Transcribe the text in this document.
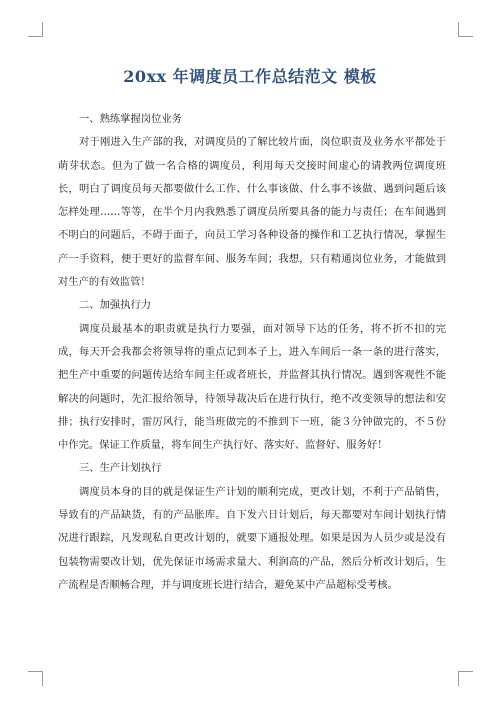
20xx 年调度员工作总结范文 模板

一、熟练掌握岗位业务

对于刚进入生产部的我，对调度员的了解比较片面，岗位职责及业务水平都处于萌芽状态。但为了做一名合格的调度员，利用每天交接时间虚心的请教两位调度班长，明白了调度员每天都要做什么工作、什么事该做、什么事不该做、遇到问题后该怎样处理……等等，在半个月内我熟悉了调度员所要具备的能力与责任；在车间遇到不明白的问题后，不碍于面子，向员工学习各种设备的操作和工艺执行情况，掌握生产一手资料，便于更好的监督车间、服务车间；我想，只有精通岗位业务，才能做到对生产的有效监管！

二、加强执行力

调度员最基本的职责就是执行力要强，面对领导下达的任务，将不折不扣的完成，每天开会我都会将领导将的重点记到本子上，进入车间后一条一条的进行落实，把生产中重要的问题传达给车间主任或者班长，并监督其执行情况。遇到客观性不能解决的问题时，先汇报给领导，待领导裁决后在进行执行，绝不改变领导的想法和安排；执行安排时，雷厉风行，能当班做完的不推到下一班，能３分钟做完的，不５份中作完。保证工作质量，将车间生产执行好、落实好、监督好、服务好！

三、生产计划执行

调度员本身的目的就是保证生产计划的顺利完成，更改计划，不利于产品销售，导致有的产品缺货，有的产品胀库。自下发六日计划后，每天都要对车间计划执行情况进行跟踪，凡发现私自更改计划的，就要下通报处理。如果是因为人员少或是没有包装物需要改计划，优先保证市场需求量大、利润高的产品，然后分析改计划后，生产流程是否顺畅合理，并与调度班长进行结合，避免某中产品超标受考核。
